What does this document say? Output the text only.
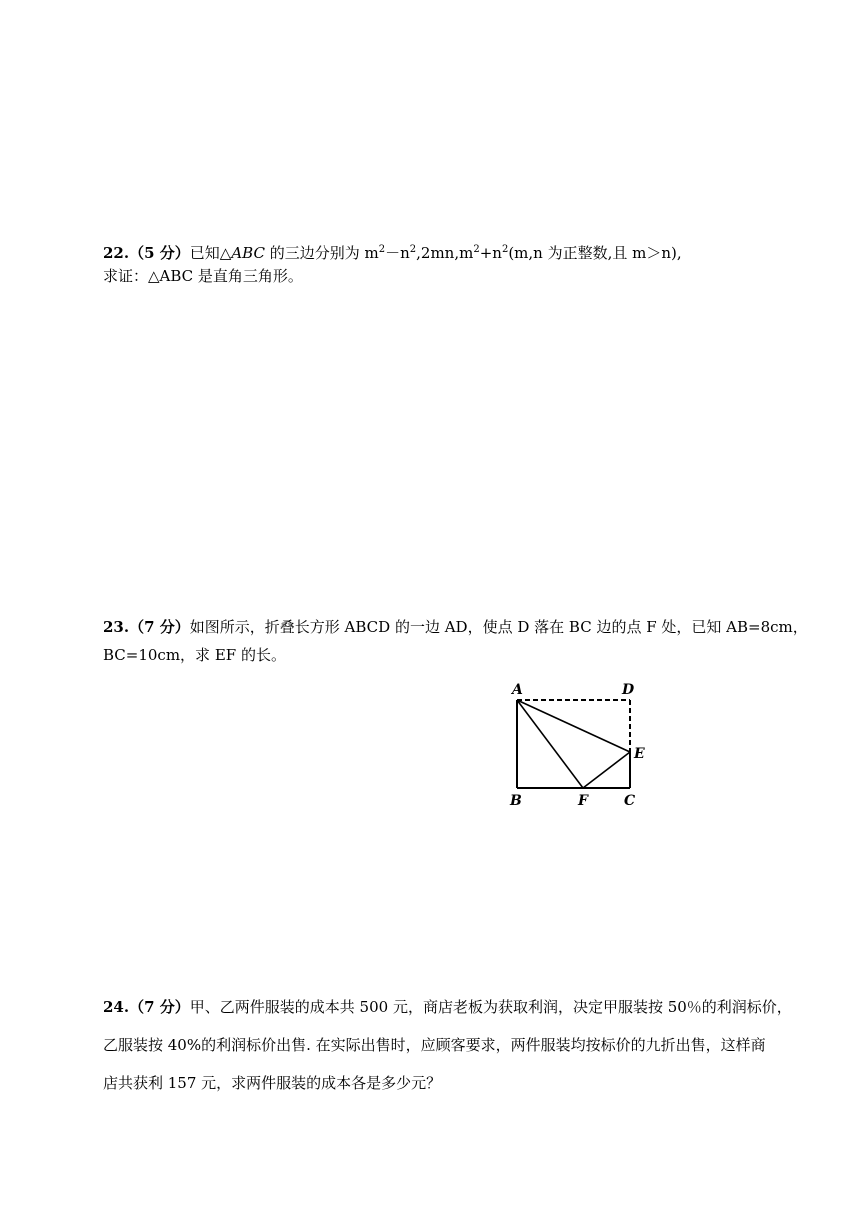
22.（5 分）已知△ABC 的三边分别为 $m^2-n^2,2mn,m^2+n^2(m,n$ 为正整数,且 m＞n),
求证：△ABC 是直角三角形。
23.（7 分）如图所示，折叠长方形 ABCD 的一边 AD，使点 D 落在 BC 边的点 F 处，已知 AB=8cm，
BC=10cm，求 EF 的长。
A	D
E
B	F	C
24.（7 分）甲、乙两件服装的成本共 500 元，商店老板为获取利润，决定甲服装按 50％的利润标价，
乙服装按 40%的利润标价出售. 在实际出售时，应顾客要求，两件服装均按标价的九折出售，这样商
店共获利 157 元，求两件服装的成本各是多少元？
